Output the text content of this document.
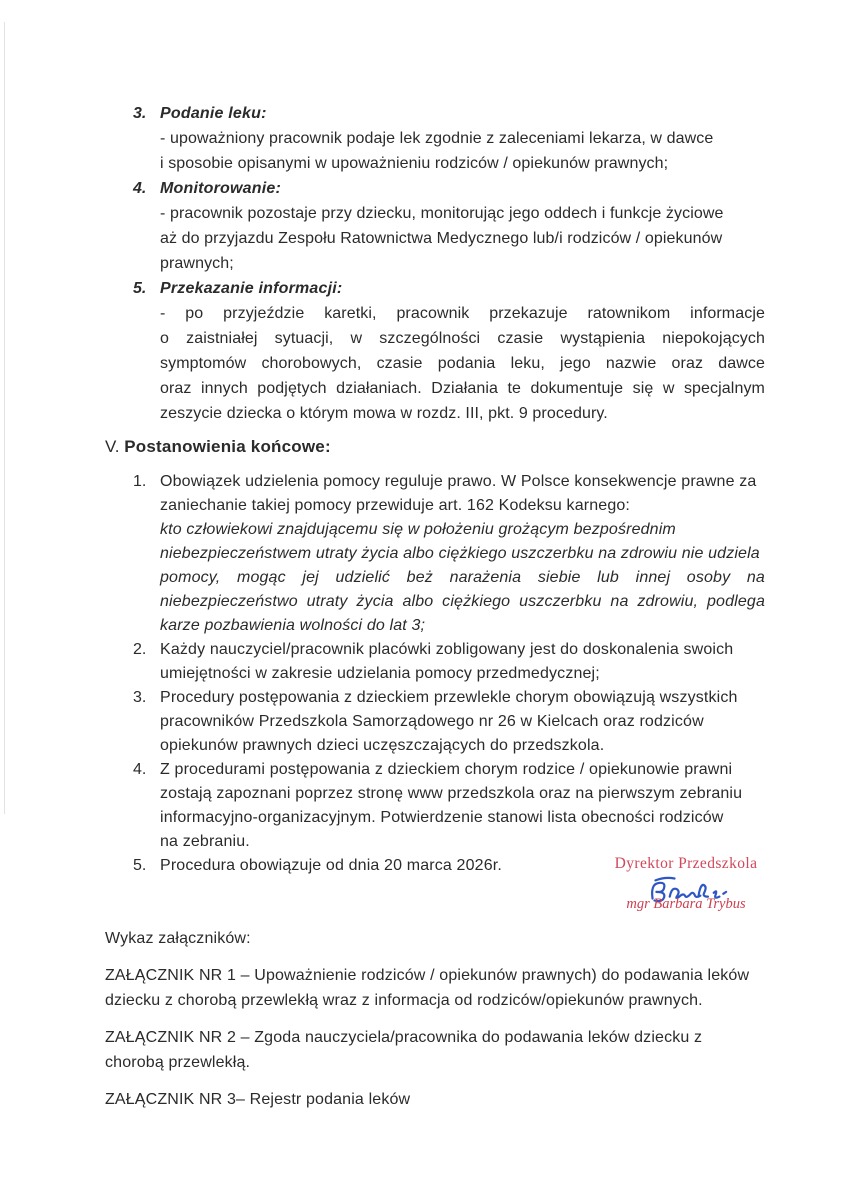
3. Podanie leku:
- upoważniony pracownik podaje lek zgodnie z zaleceniami lekarza, w dawce
i sposobie opisanymi w upoważnieniu rodziców / opiekunów prawnych;
4. Monitorowanie:
- pracownik pozostaje przy dziecku, monitorując jego oddech i funkcje życiowe
aż do przyjazdu Zespołu Ratownictwa Medycznego lub/i rodziców / opiekunów
prawnych;
5. Przekazanie informacji:
- po przyjeździe karetki, pracownik przekazuje ratownikom informacje
o zaistniałej sytuacji, w szczególności czasie wystąpienia niepokojących
symptomów chorobowych, czasie podania leku, jego nazwie oraz dawce
oraz innych podjętych działaniach. Działania te dokumentuje się w specjalnym
zeszycie dziecka o którym mowa w rozdz. III, pkt. 9 procedury.
V. Postanowienia końcowe:
1. Obowiązek udzielenia pomocy reguluje prawo. W Polsce konsekwencje prawne za
zaniechanie takiej pomocy przewiduje art. 162 Kodeksu karnego:
kto człowiekowi znajdującemu się w położeniu grożącym bezpośrednim
niebezpieczeństwem utraty życia albo ciężkiego uszczerbku na zdrowiu nie udziela
pomocy, mogąc jej udzielić beż narażenia siebie lub innej osoby na
niebezpieczeństwo utraty życia albo ciężkiego uszczerbku na zdrowiu, podlega
karze pozbawienia wolności do lat 3;
2. Każdy nauczyciel/pracownik placówki zobligowany jest do doskonalenia swoich
umiejętności w zakresie udzielania pomocy przedmedycznej;
3. Procedury postępowania z dzieckiem przewlekle chorym obowiązują wszystkich
pracowników Przedszkola Samorządowego nr 26 w Kielcach oraz rodziców
opiekunów prawnych dzieci uczęszczających do przedszkola.
4. Z procedurami postępowania z dzieckiem chorym rodzice / opiekunowie prawni
zostają zapoznani poprzez stronę www przedszkola oraz na pierwszym zebraniu
informacyjno-organizacyjnym. Potwierdzenie stanowi lista obecności rodziców
na zebraniu.
5. Procedura obowiązuje od dnia 20 marca 2026r.	Dyrektor Przedszkola
mgr Barbara Trybus
Wykaz załączników:
ZAŁĄCZNIK NR 1 – Upoważnienie rodziców / opiekunów prawnych) do podawania leków
dziecku z chorobą przewlekłą wraz z informacja od rodziców/opiekunów prawnych.
ZAŁĄCZNIK NR 2 – Zgoda nauczyciela/pracownika do podawania leków dziecku z
chorobą przewlekłą.
ZAŁĄCZNIK NR 3– Rejestr podania leków
